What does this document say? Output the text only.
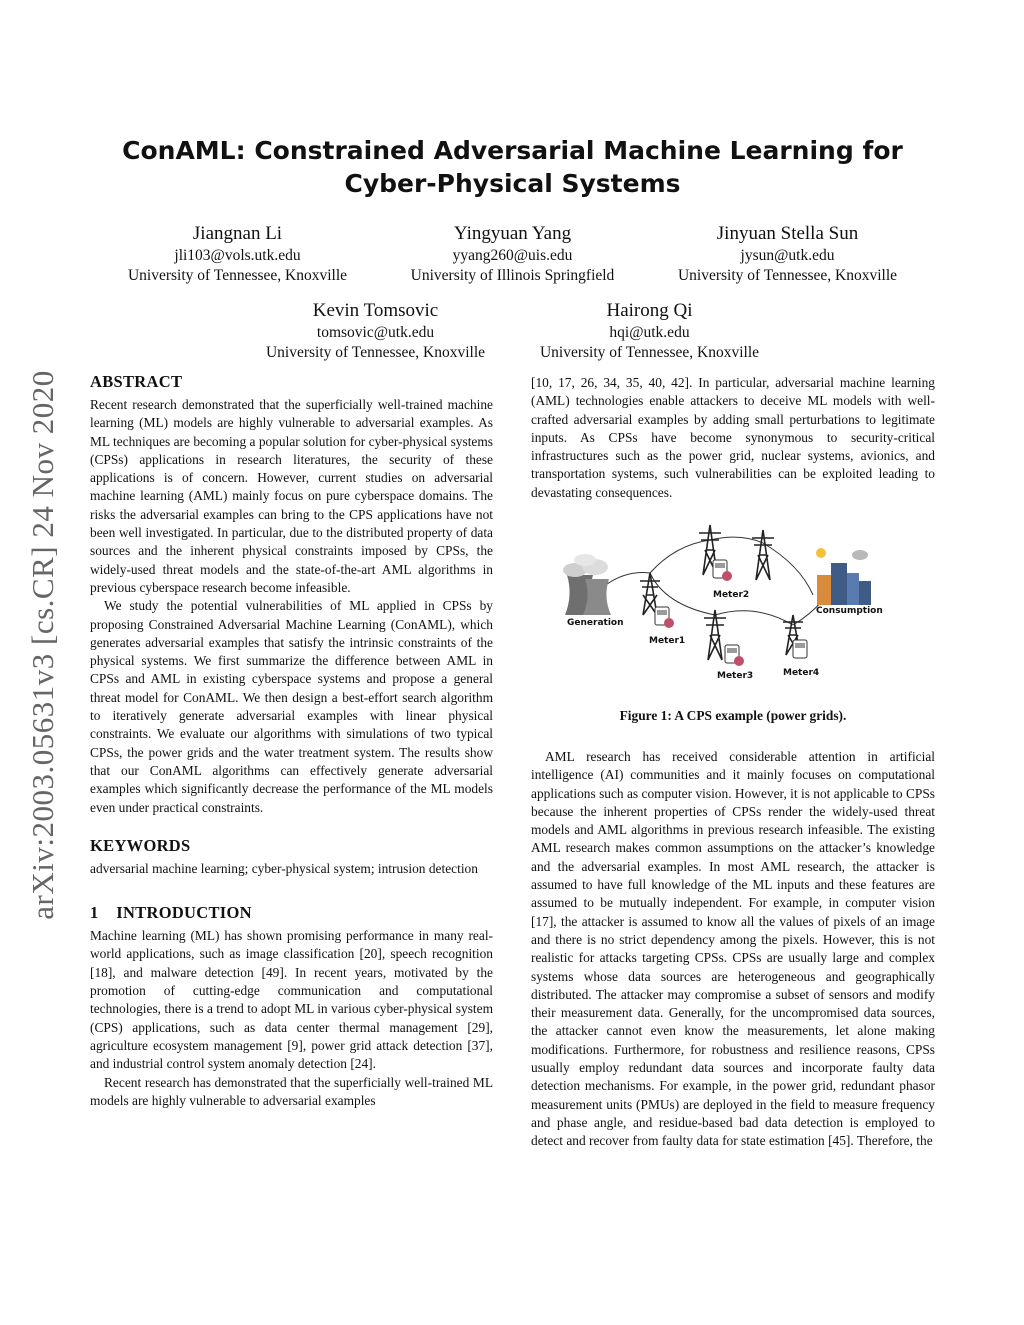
arXiv:2003.05631v3 [cs.CR] 24 Nov 2020
ConAML: Constrained Adversarial Machine Learning for Cyber-Physical Systems
Jiangnan Li
jli103@vols.utk.edu
University of Tennessee, Knoxville
Yingyuan Yang
yyang260@uis.edu
University of Illinois Springfield
Jinyuan Stella Sun
jysun@utk.edu
University of Tennessee, Knoxville
Kevin Tomsovic
tomsovic@utk.edu
University of Tennessee, Knoxville
Hairong Qi
hqi@utk.edu
University of Tennessee, Knoxville
ABSTRACT

Recent research demonstrated that the superficially well-trained machine learning (ML) models are highly vulnerable to adversarial examples. As ML techniques are becoming a popular solution for cyber-physical systems (CPSs) applications in research literatures, the security of these applications is of concern. However, current studies on adversarial machine learning (AML) mainly focus on pure cyberspace domains. The risks the adversarial examples can bring to the CPS applications have not been well investigated. In particular, due to the distributed property of data sources and the inherent physical constraints imposed by CPSs, the widely-used threat models and the state-of-the-art AML algorithms in previous cyberspace research become infeasible.

We study the potential vulnerabilities of ML applied in CPSs by proposing Constrained Adversarial Machine Learning (ConAML), which generates adversarial examples that satisfy the intrinsic constraints of the physical systems. We first summarize the difference between AML in CPSs and AML in existing cyberspace systems and propose a general threat model for ConAML. We then design a best-effort search algorithm to iteratively generate adversarial examples with linear physical constraints. We evaluate our algorithms with simulations of two typical CPSs, the power grids and the water treatment system. The results show that our ConAML algorithms can effectively generate adversarial examples which significantly decrease the performance of the ML models even under practical constraints.

KEYWORDS

adversarial machine learning; cyber-physical system; intrusion detection

1    INTRODUCTION

Machine learning (ML) has shown promising performance in many real-world applications, such as image classification [20], speech recognition [18], and malware detection [49]. In recent years, motivated by the promotion of cutting-edge communication and computational technologies, there is a trend to adopt ML in various cyber-physical system (CPS) applications, such as data center thermal management [29], agriculture ecosystem management [9], power grid attack detection [37], and industrial control system anomaly detection [24].

Recent research has demonstrated that the superficially well-trained ML models are highly vulnerable to adversarial examples

[10, 17, 26, 34, 35, 40, 42]. In particular, adversarial machine learning (AML) technologies enable attackers to deceive ML models with well-crafted adversarial examples by adding small perturbations to legitimate inputs. As CPSs have become synonymous to security-critical infrastructures such as the power grid, nuclear systems, avionics, and transportation systems, such vulnerabilities can be exploited leading to devastating consequences.

Generation
Meter1
Meter2
Meter3	Meter4
Consumption
Figure 1: A CPS example (power grids).

AML research has received considerable attention in artificial intelligence (AI) communities and it mainly focuses on computational applications such as computer vision. However, it is not applicable to CPSs because the inherent properties of CPSs render the widely-used threat models and AML algorithms in previous research infeasible. The existing AML research makes common assumptions on the attacker’s knowledge and the adversarial examples. In most AML research, the attacker is assumed to have full knowledge of the ML inputs and these features are assumed to be mutually independent. For example, in computer vision [17], the attacker is assumed to know all the values of pixels of an image and there is no strict dependency among the pixels. However, this is not realistic for attacks targeting CPSs. CPSs are usually large and complex systems whose data sources are heterogeneous and geographically distributed. The attacker may compromise a subset of sensors and modify their measurement data. Generally, for the uncompromised data sources, the attacker cannot even know the measurements, let alone making modifications. Furthermore, for robustness and resilience reasons, CPSs usually employ redundant data sources and incorporate faulty data detection mechanisms. For example, in the power grid, redundant phasor measurement units (PMUs) are deployed in the field to measure frequency and phase angle, and residue-based bad data detection is employed to detect and recover from faulty data for state estimation [45]. Therefore, the
